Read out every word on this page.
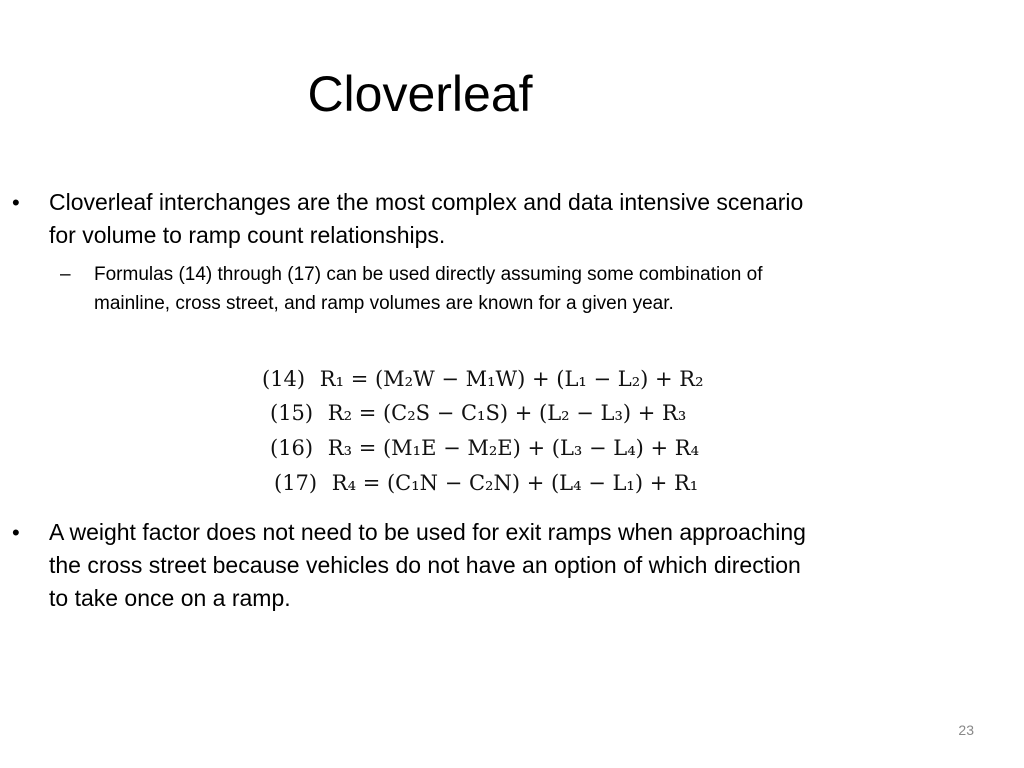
Cloverleaf
•	Cloverleaf interchanges are the most complex and data intensive scenario for volume to ramp count relationships.
–	Formulas (14) through (17) can be used directly assuming some combination of mainline, cross street, and ramp volumes are known for a given year.
(14) R₁ = (M₂W − M₁W) + (L₁ − L₂) + R₂
(15) R₂ = (C₂S − C₁S) + (L₂ − L₃) + R₃
(16) R₃ = (M₁E − M₂E) + (L₃ − L₄) + R₄
(17) R₄ = (C₁N − C₂N) + (L₄ − L₁) + R₁
•	A weight factor does not need to be used for exit ramps when approaching the cross street because vehicles do not have an option of which direction to take once on a ramp.
23
